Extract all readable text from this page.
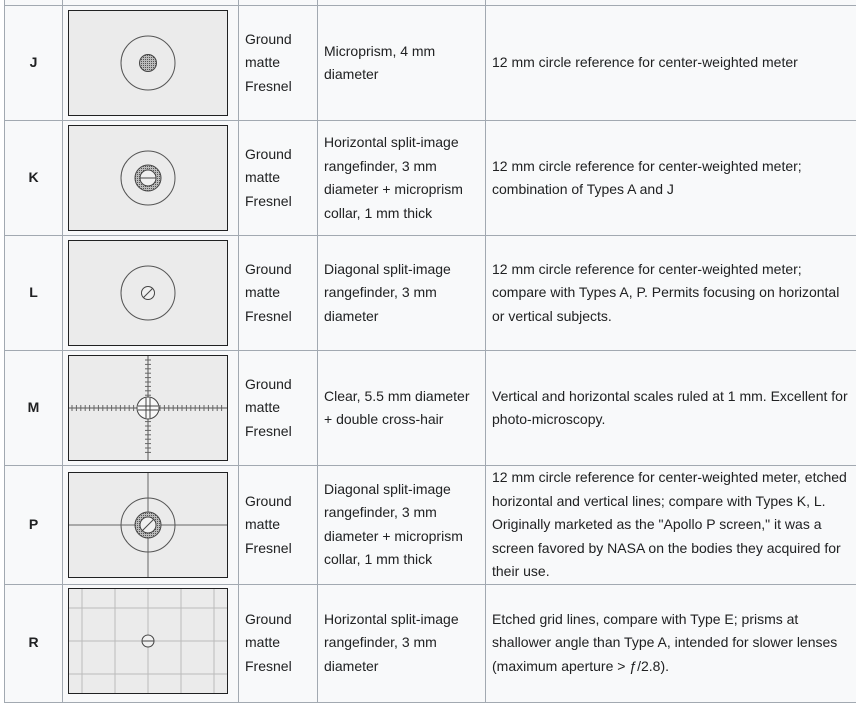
J		Ground matte Fresnel	Microprism, 4 mm diameter	12 mm circle reference for center-weighted meter
K		Ground matte Fresnel	Horizontal split-image rangefinder, 3 mm diameter + microprism collar, 1 mm thick	12 mm circle reference for center-weighted meter; combination of Types A and J
L		Ground matte Fresnel	Diagonal split-image rangefinder, 3 mm diameter	12 mm circle reference for center-weighted meter; compare with Types A, P. Permits focusing on horizontal or vertical subjects.
M		Ground matte Fresnel	Clear, 5.5 mm diameter + double cross-hair	Vertical and horizontal scales ruled at 1 mm. Excellent for photo-microscopy.
P		Ground matte Fresnel	Diagonal split-image rangefinder, 3 mm diameter + microprism collar, 1 mm thick	12 mm circle reference for center-weighted meter, etched horizontal and vertical lines; compare with Types K, L. Originally marketed as the "Apollo P screen," it was a screen favored by NASA on the bodies they acquired for their use.
R		Ground matte Fresnel	Horizontal split-image rangefinder, 3 mm diameter	Etched grid lines, compare with Type E; prisms at shallower angle than Type A, intended for slower lenses (maximum aperture > ƒ/2.8).
